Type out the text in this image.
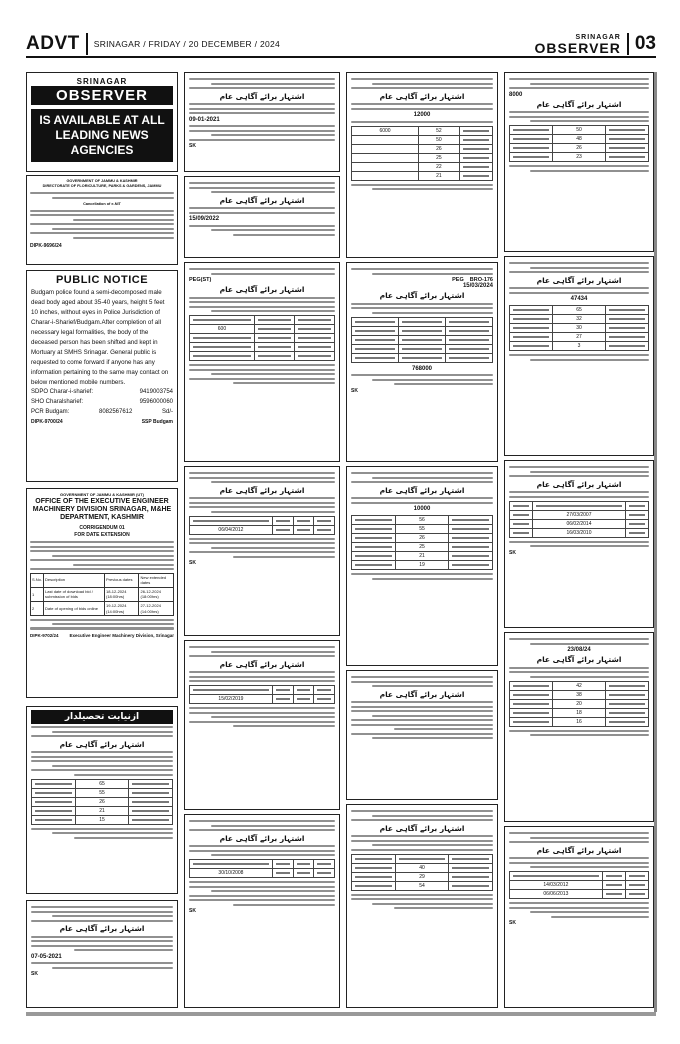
ADVT	SRINAGAR / FRIDAY / 20 DECEMBER / 2024
SRINAGAR
OBSERVER 03
SRINAGAR
OBSERVER
IS AVAILABLE AT ALL LEADING NEWS AGENCIES
GOVERNMENT OF JAMMU & KASHMIR
DIRECTORATE OF FLORICULTURE, PARKS & GARDENS, JAMMU
Cancellation of e-NIT
DIPK-9696/24
PUBLIC NOTICE

Budgam police found a semi-decomposed male dead body aged about 35-40 years, height 5 feet 10 inches, without eyes in Police Jurisdiction of Charar-i-Sharief/Budgam.After completion of all necessary legal formalities, the body of the deceased person has been shifted and kept in Mortuary at SMHS Srinagar. General public is requested to come forward if anyone has any information pertaining to the same may contact on below mentioned mobile numbers.

SDPO Charar-i-sharief:	9419003754
SHO Charalsharief:	9596000060
PCR Budgam:	8082567612	Sd/-
DIPK-9700/24	SSP Budgam
GOVERNMENT OF JAMMU & KASHMIR (UT)
OFFICE OF THE EXECUTIVE ENGINEER MACHINERY DIVISION SRINAGAR, M&HE DEPARTMENT, KASHMIR
CORRIGENDUM 01
FOR DATE EXTENSION
S.No.	Description	Previous dates	New extended dates
1	Last date of download bid / submission of bids	18-12-2024 (18:00hrs)	26-12-2024 (18:00hrs)
2	Date of opening of bids online	19-12-2024 (14:00hrs)	27-12-2024 (14:00hrs)
DIPK-9702/24 Executive Engineer Machinery Division, Srinagar
ازنیابت تحصیلدار
اشتہار برائے آگاہی عام
	65	

	55	

	26	

	21	

	15	
اشتہار برائے آگاہی عام
07-05-2021
SK
اشتہار برائے آگاہی عام
09-01-2021
SK
اشتہار برائے آگاہی عام
15/09/2022
PEG(ST)
اشتہار برائے آگاہی عام

600	

اشتہار برائے آگاہی عام

06/04/2012	

SK
اشتہار برائے آگاہی عام

15/02/2019	

اشتہار برائے آگاہی عام

30/10/2008	

SK
اشتہار برائے آگاہی عام
12000
6000	52	

	50	

	26	

	25	

	22	

	21	
PEG BRO-176
15/03/2024
اشتہار برائے آگاہی عام

768000
SK
اشتہار برائے آگاہی عام
10000
	56	

	55	

	26	

	25	

	21	

	19	
اشتہار برائے آگاہی عام
اشتہار برائے آگاہی عام

	40	

	29	

	54	
8000
اشتہار برائے آگاہی عام
	50	

	48	

	26	

	23	
اشتہار برائے آگاہی عام
47434
	65	

	32	

	30	

	27	

	3	
اشتہار برائے آگاہی عام

	27/03/2007	

	06/02/2014	

	16/03/2010	
SK
23/08/24
اشتہار برائے آگاہی عام
	42	

	38	

	20	

	18	

	16	
اشتہار برائے آگاہی عام

14/03/2012	

06/06/2013	

SK
